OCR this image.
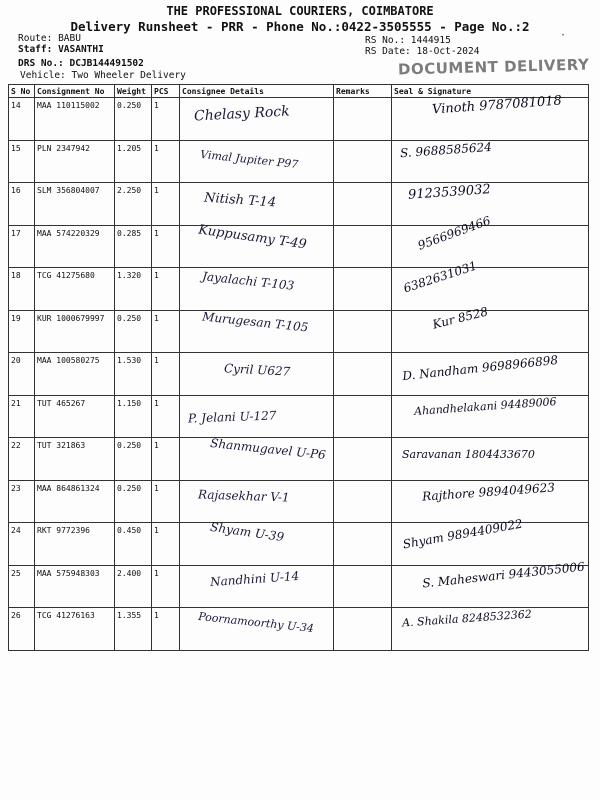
THE PROFESSIONAL COURIERS, COIMBATORE
Delivery Runsheet - PRR - Phone No.:0422-3505555 - Page No.:2
Route: BABU
Staff: VASANTHI
DRS No.: DCJB144491502
Vehicle: Two Wheeler Delivery
RS No.: 1444915
RS Date: 18-Oct-2024
DOCUMENT DELIVERY
⋅
S No	Consignment No	Weight	PCS	Consignee Details	Remarks	Seal & Signature
14	MAA 110115002	0.250	1	Chelasy Rock		Vinoth 9787081018

15	PLN 2347942	1.205	1	Vimal Jupiter P97		S. 9688585624

16	SLM 356804007	2.250	1	Nitish T-14		9123539032

17	MAA 574220329	0.285	1	Kuppusamy T-49		9566969466

18	TCG 41275680	1.320	1	Jayalachi T-103		6382631031

19	KUR 1000679997	0.250	1	Murugesan T-105		Kur 8528

20	MAA 100580275	1.530	1	Cyril U627		D. Nandham 9698966898

21	TUT 465267	1.150	1	P. Jelani U-127		Ahandhelakani 94489006

22	TUT 321863	0.250	1	Shanmugavel U-P6		Saravanan 1804433670

23	MAA 864861324	0.250	1	Rajasekhar V-1		Rajthore 9894049623

24	RKT 9772396	0.450	1	Shyam U-39		Shyam 9894409022

25	MAA 575948303	2.400	1	Nandhini U-14		S. Maheswari 9443055006

26	TCG 41276163	1.355	1	Poornamoorthy U-34		A. Shakila 8248532362
